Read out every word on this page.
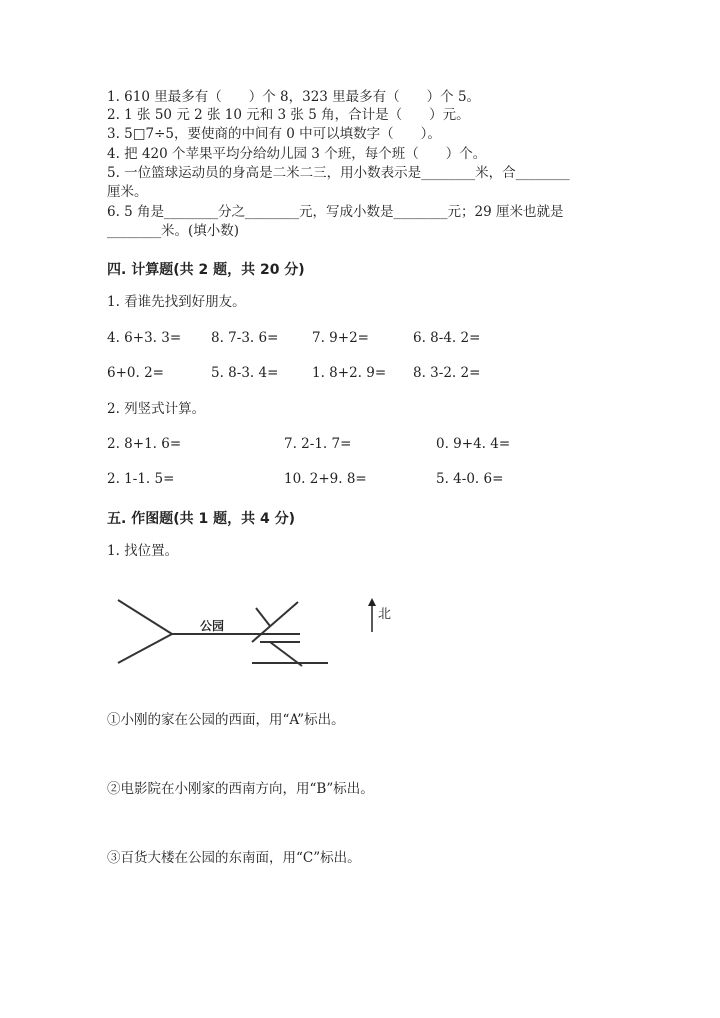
1. 610 里最多有（　　）个 8，323 里最多有（　　）个 5。
2. 1 张 50 元 2 张 10 元和 3 张 5 角，合计是（　　）元。
3. 5□7÷5，要使商的中间有 0 中可以填数字（　　）。
4. 把 420 个苹果平均分给幼儿园 3 个班，每个班（　　）个。
5. 一位篮球运动员的身高是二米二三，用小数表示是________米，合________
厘米。
6. 5 角是________分之________元，写成小数是________元；29 厘米也就是
________米。(填小数)
四. 计算题(共 2 题，共 20 分)
1. 看谁先找到好朋友。
4. 6+3. 3= 8. 7-3. 6= 7. 9+2=	6. 8-4. 2=
6+0. 2=	5. 8-3. 4= 1. 8+2. 9= 8. 3-2. 2=
2. 列竖式计算。
2. 8+1. 6=	7. 2-1. 7=	0. 9+4. 4=
2. 1-1. 5=	10. 2+9. 8=	5. 4-0. 6=
五. 作图题(共 1 题，共 4 分)
1. 找位置。
公园
北
①小刚的家在公园的西面，用“A”标出。
②电影院在小刚家的西南方向，用“B”标出。
③百货大楼在公园的东南面，用“C”标出。
